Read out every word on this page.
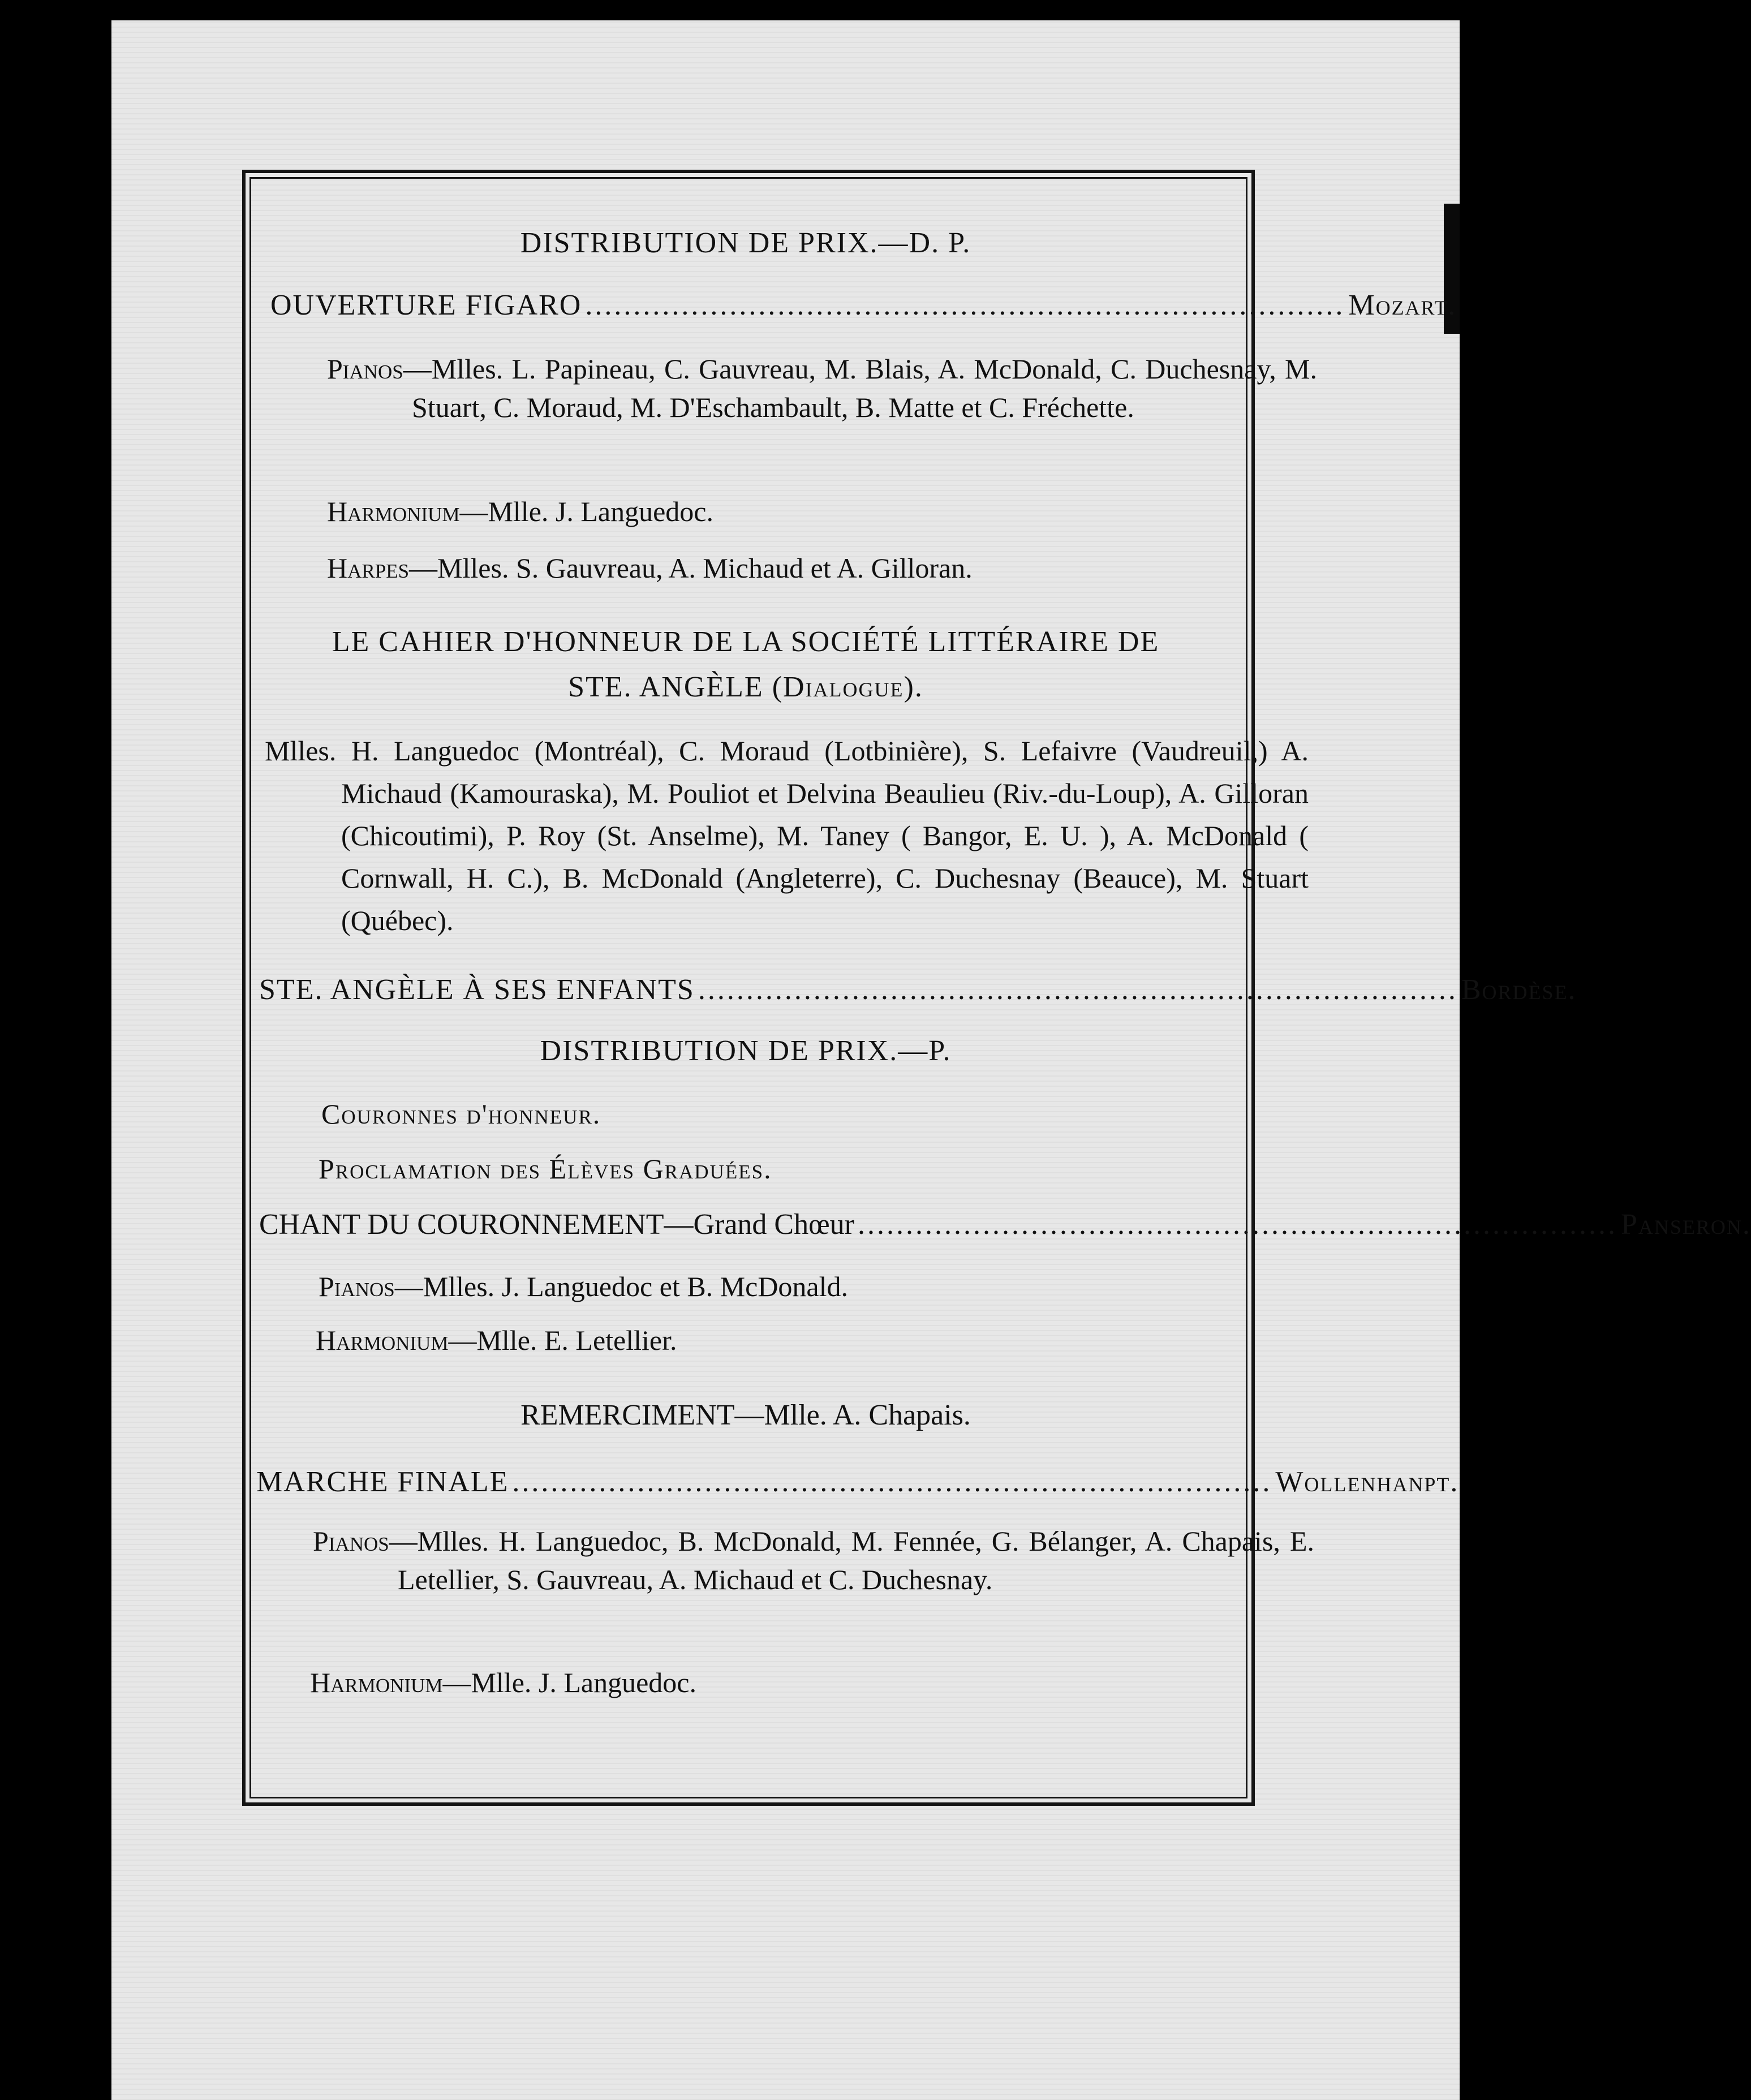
DISTRIBUTION DE PRIX.—D. P.
OUVERTURE FIGARO ............................................................................... Mozart.
Pianos—Mlles. L. Papineau, C. Gauvreau, M. Blais, A. McDonald, C. Duchesnay, M. Stuart, C. Moraud, M. D'Eschambault, B. Matte et C. Fréchette.
Harmonium—Mlle. J. Languedoc.
Harpes—Mlles. S. Gauvreau, A. Michaud et A. Gilloran.
LE CAHIER D'HONNEUR DE LA SOCIÉTÉ LITTÉRAIRE DE
STE. ANGÈLE (Dialogue).
Mlles. H. Languedoc (Montréal), C. Moraud (Lotbinière), S. Lefaivre (Vaudreuil,) A. Michaud (Kamouraska), M. Pouliot et Delvina Beaulieu (Riv.-du-Loup), A. Gilloran (Chicoutimi), P. Roy (St. Anselme), M. Taney ( Bangor, E. U. ), A. McDonald ( Cornwall, H. C.), B. McDonald (Angleterre), C. Duchesnay (Beauce), M. Stuart (Québec).
STE. ANGÈLE À SES ENFANTS ............................................................................... Bordèse.
DISTRIBUTION DE PRIX.—P.
Couronnes d'honneur.
Proclamation des Élèves Graduées.
CHANT DU COURONNEMENT—Grand Chœur ............................................................................... Panseron.
Pianos—Mlles. J. Languedoc et B. McDonald.
Harmonium—Mlle. E. Letellier.
REMERCIMENT—Mlle. A. Chapais.
MARCHE FINALE ............................................................................... Wollenhanpt.
Pianos—Mlles. H. Languedoc, B. McDonald, M. Fennée, G. Bélanger, A. Chapais, E. Letellier, S. Gauvreau, A. Michaud et C. Duchesnay.
Harmonium—Mlle. J. Languedoc.
